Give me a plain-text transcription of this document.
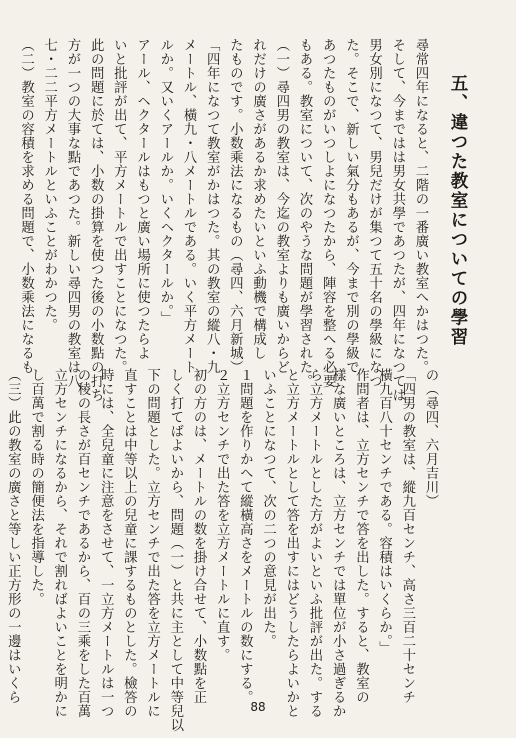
五、違つた教室についての學習

尋常四年になると、二階の一番廣い教室へかはつた。

そして、今まではは男女共學であつたが、四年になつては

男女別になつて、男兒だけが集つて五十名の學級になつ

た。そこで、新しい氣分もあるが、今まで別の學級で

あつたものがいつしよになつたから、陣容を整へる必要

もある。教室について、次のやうな問題が學習された。

（一）尋四男の教室は、今迄の教室よりも廣いからど

れだけの廣さがあるか求めたいといふ動機で構成し

たものです。小数乘法になるもの（尋四、六月新城）

「四年になつて教室がかはつた。其の教室の縱八・九

メートル、橫九・八メートルである。いく平方メート

ルか。又いくアールか。いくヘクタールか。」

アール、ヘクタールはもつと廣い場所に使つたらよ

いと批評が出て、平方メートルで出すことになつた。

此の問題に於ては、小数の掛算を使つた後の小数點の打ち

方が一つの大事な點であつた。新しい尋四男の教室は八

七・二二平方メートルといふことがわかつた。

（二）教室の容積を求める問題で、小数乘法になるも

の（尋四、六月吉川）

「四男の教室は、縱九百センチ、高さ三百二十センチ

橫九百八十センチである。容積はいくらか。」

作問者は、立方センチで答を出した。すると、教室の

樣な廣いところは、立方センチでは單位が小さ過ぎるか

ら立方メートルとした方がよいといふ批評が出た。する

と立方メートルとして答を出すにはどうしたらよいかと

いふことになつて、次の二つの意見が出た。

１問題を作りかへて縱橫高さをメートルの数にする。

２立方センチで出た答を立方メートルに直す。

初の方のは、メートルの数を掛け合せて、小数點を正

しく打てばよいから、問題（一）と共に主として中等兒以

下の問題とした。立方センチで出た答を立方メートルに

直すことは中等以上の兒童に課するものとした。檢答の

時には、全兒童に注意をさせて、一立方メートルは一つ

の稜の長さが百センチであるから、百の三乘をした百萬

立方センチになるから、それで割ればよいことを明かに

し百萬で割る時の簡便法を指導した。

（三）此の教室の廣さと等しい正方形の一邊はいくら

88
